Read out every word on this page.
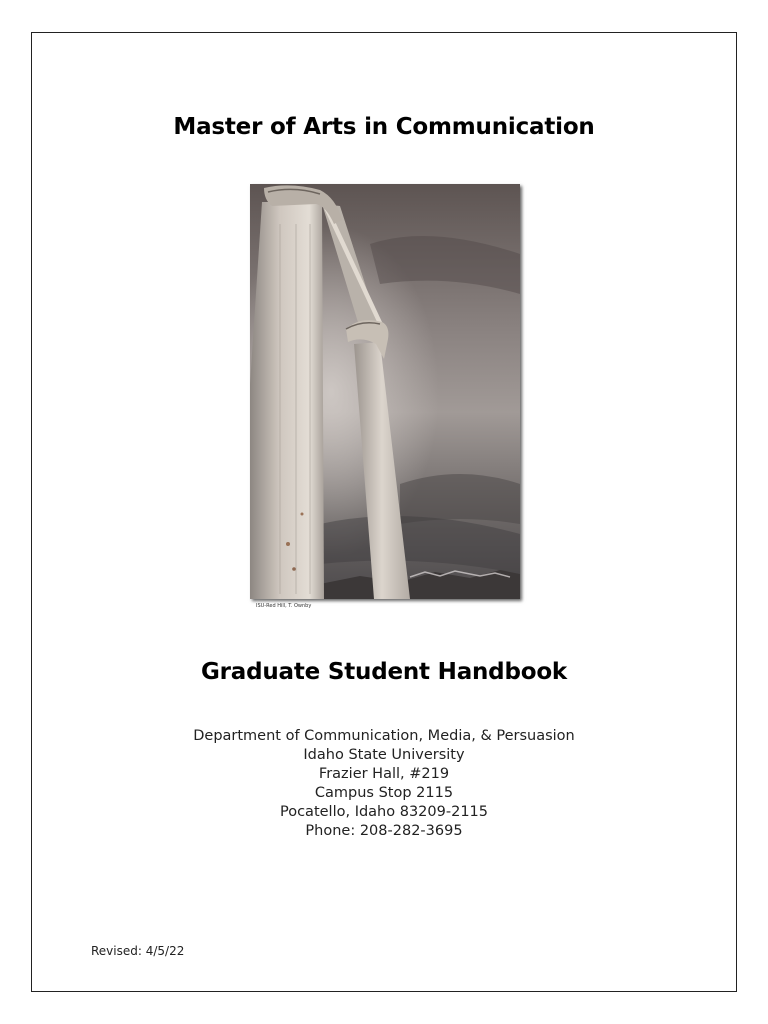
Master of Arts in Communication

ISU-Red Hill, T. Ownby

Graduate Student Handbook
Department of Communication, Media, & Persuasion
Idaho State University
Frazier Hall, #219
Campus Stop 2115
Pocatello, Idaho 83209-2115
Phone: 208-282-3695

Revised: 4/5/22
